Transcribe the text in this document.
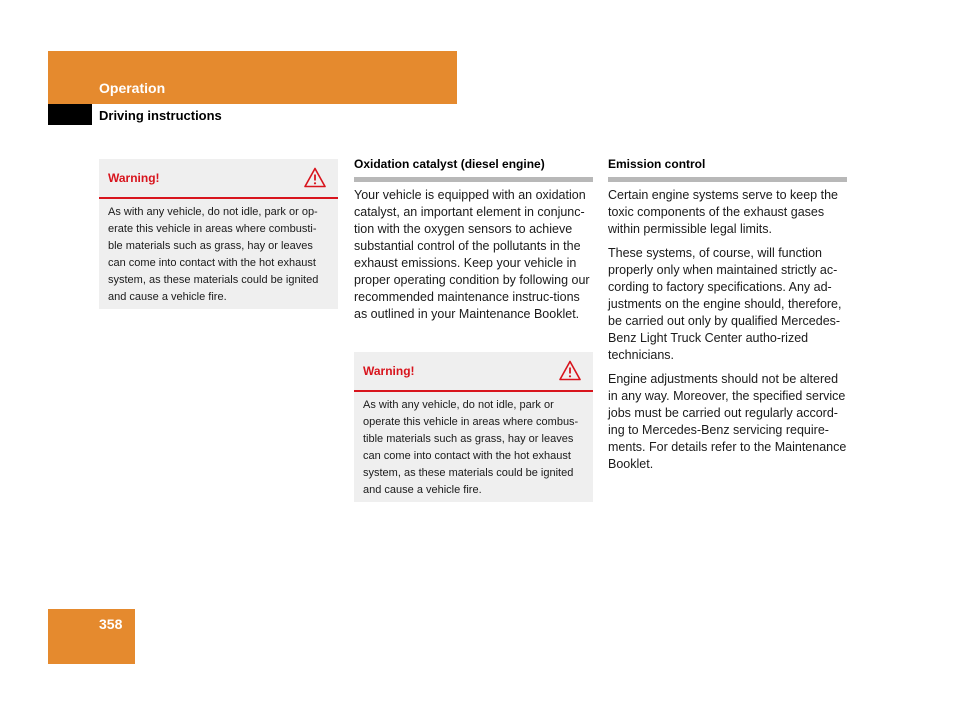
Operation
Driving instructions
Warning!
As with any vehicle, do not idle, park or op-erate this vehicle in areas where combusti-ble materials such as grass, hay or leaves can come into contact with the hot exhaust system, as these materials could be ignited and cause a vehicle fire.
Oxidation catalyst (diesel engine)

Your vehicle is equipped with an oxidation catalyst, an important element in conjunc-tion with the oxygen sensors to achieve substantial control of the pollutants in the exhaust emissions. Keep your vehicle in proper operating condition by following our recommended maintenance instruc-tions as outlined in your Maintenance Booklet.

Warning!
As with any vehicle, do not idle, park or operate this vehicle in areas where combus-tible materials such as grass, hay or leaves can come into contact with the hot exhaust system, as these materials could be ignited and cause a vehicle fire.
Emission control

Certain engine systems serve to keep the toxic components of the exhaust gases within permissible legal limits.

These systems, of course, will function properly only when maintained strictly ac-cording to factory specifications. Any ad-justments on the engine should, therefore, be carried out only by qualified Mercedes-Benz Light Truck Center autho-rized technicians.

Engine adjustments should not be altered in any way. Moreover, the specified service jobs must be carried out regularly accord-ing to Mercedes-Benz servicing require-ments. For details refer to the Maintenance Booklet.

358
